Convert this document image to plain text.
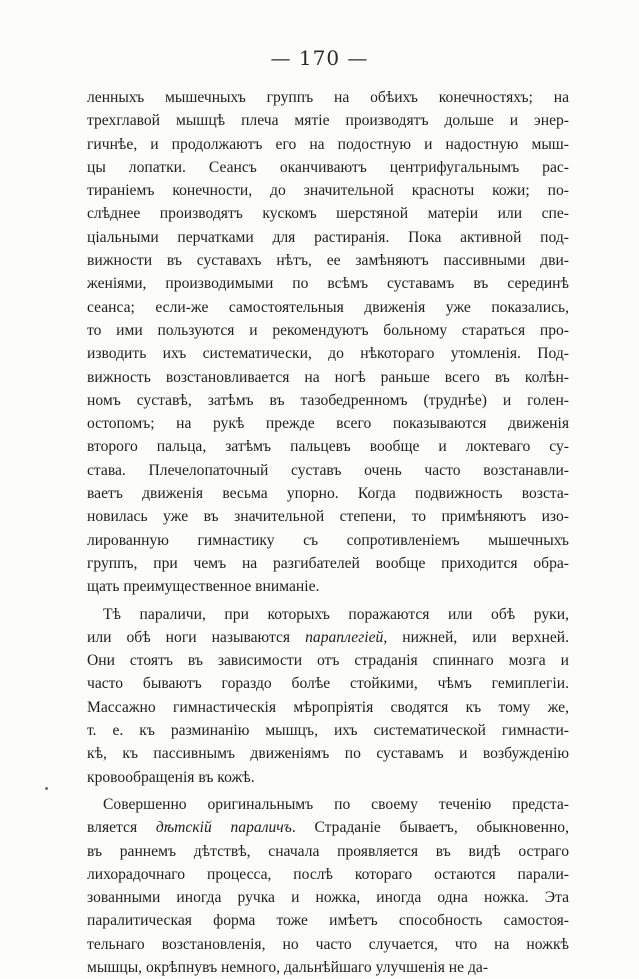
— 170 —
ленныхъ мышечныхъ группъ на обѣихъ конечностяхъ; на
трехглавой мышцѣ плеча мятіе производятъ дольше и энер-
гичнѣе, и продолжаютъ его на подостную и надостную мыш-
цы лопатки. Сеансъ оканчиваютъ центрифугальнымъ рас-
тираніемъ конечности, до значительной красноты кожи; по-
слѣднее производятъ кускомъ шерстяной матеріи или спе-
ціальными перчатками для растиранія. Пока активной под-
вижности въ суставахъ нѣтъ, ее замѣняютъ пассивными дви-
женіями, производимыми по всѣмъ суставамъ въ серединѣ
сеанса; если-же самостоятельныя движенія уже показались,
то ими пользуются и рекомендуютъ больному стараться про-
изводить ихъ систематически, до нѣкотораго утомленія. Под-
вижность возстановливается на ногѣ раньше всего въ колѣн-
номъ суставѣ, затѣмъ въ тазобедренномъ (труднѣе) и голен-
остопомъ; на рукѣ прежде всего показываются движенія
второго пальца, затѣмъ пальцевъ вообще и локтеваго су-
става. Плечелопаточный суставъ очень часто возстанавли-
ваетъ движенія весьма упорно. Когда подвижность возста-
новилась уже въ значительной степени, то примѣняютъ изо-
лированную гимнастику съ сопротивленіемъ мышечныхъ
группъ, при чемъ на разгибателей вообще приходится обра-
щать преимущественное вниманіе.
Тѣ параличи, при которыхъ поражаются или обѣ руки,
или обѣ ноги называются параплегіей, нижней, или верхней.
Они стоятъ въ зависимости отъ страданія спиннаго мозга и
часто бываютъ гораздо болѣе стойкими, чѣмъ гемиплегіи.
Массажно гимнастическія мѣропріятія сводятся къ тому же,
т. е. къ разминанію мышцъ, ихъ систематической гимнасти-
кѣ, къ пассивнымъ движеніямъ по суставамъ и возбужденію
кровообращенія въ кожѣ.
Совершенно оригинальнымъ по своему теченію предста-
вляется дѣтскій параличъ. Страданіе бываетъ, обыкновенно,
въ раннемъ дѣтствѣ, сначала проявляется въ видѣ остраго
лихорадочнаго процесса, послѣ котораго остаются парали-
зованными иногда ручка и ножка, иногда одна ножка. Эта
паралитическая форма тоже имѣетъ способность самостоя-
тельнаго возстановленія, но часто случается, что на ножкѣ
мышцы, окрѣпнувъ немного, дальнѣйшаго улучшенія не да-
